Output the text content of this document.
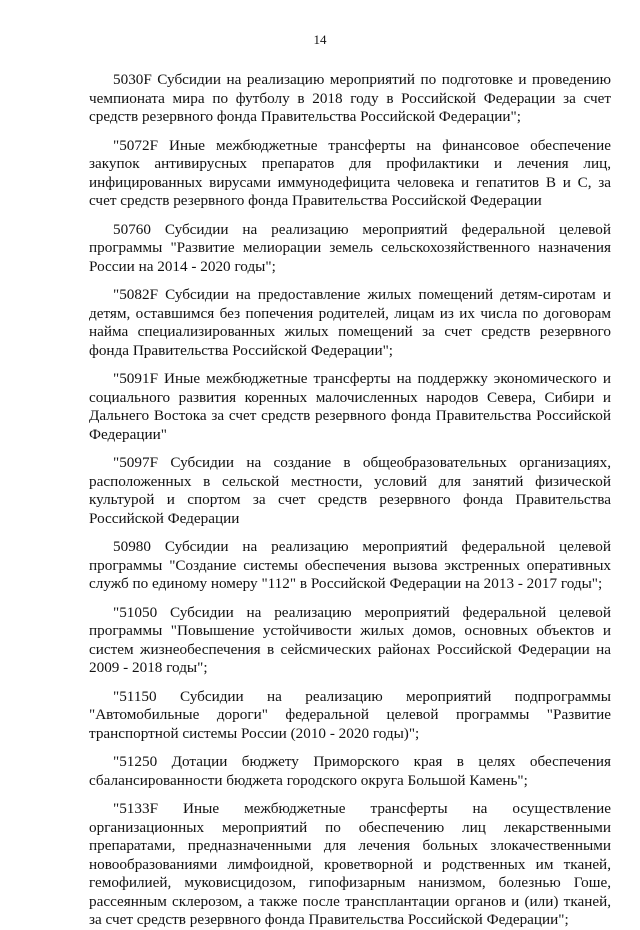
14

5030F Субсидии на реализацию мероприятий по подготовке и проведению чемпионата мира по футболу в 2018 году в Российской Федерации за счет средств резервного фонда Правительства Российской Федерации";

"5072F Иные межбюджетные трансферты на финансовое обеспечение закупок антивирусных препаратов для профилактики и лечения лиц, инфицированных вирусами иммунодефицита человека и гепатитов B и C, за счет средств резервного фонда Правительства Российской Федерации

50760 Субсидии на реализацию мероприятий федеральной целевой программы "Развитие мелиорации земель сельскохозяйственного назначения России на 2014 - 2020 годы";

"5082F Субсидии на предоставление жилых помещений детям-сиротам и детям, оставшимся без попечения родителей, лицам из их числа по договорам найма специализированных жилых помещений за счет средств резервного фонда Правительства Российской Федерации";

"5091F Иные межбюджетные трансферты на поддержку экономического и социального развития коренных малочисленных народов Севера, Сибири и Дальнего Востока за счет средств резервного фонда Правительства Российской Федерации"

"5097F Субсидии на создание в общеобразовательных организациях, расположенных в сельской местности, условий для занятий физической культурой и спортом за счет средств резервного фонда Правительства Российской Федерации

50980 Субсидии на реализацию мероприятий федеральной целевой программы "Создание системы обеспечения вызова экстренных оперативных служб по единому номеру "112" в Российской Федерации на 2013 - 2017 годы";

"51050 Субсидии на реализацию мероприятий федеральной целевой программы "Повышение устойчивости жилых домов, основных объектов и систем жизнеобеспечения в сейсмических районах Российской Федерации на 2009 - 2018 годы";

"51150 Субсидии на реализацию мероприятий подпрограммы "Автомобильные дороги" федеральной целевой программы "Развитие транспортной системы России (2010 - 2020 годы)";

"51250 Дотации бюджету Приморского края в целях обеспечения сбалансированности бюджета городского округа Большой Камень";

"5133F Иные межбюджетные трансферты на осуществление организационных мероприятий по обеспечению лиц лекарственными препаратами, предназначенными для лечения больных злокачественными новообразованиями лимфоидной, кроветворной и родственных им тканей, гемофилией, муковисцидозом, гипофизарным нанизмом, болезнью Гоше, рассеянным склерозом, а также после трансплантации органов и (или) тканей, за счет средств резервного фонда Правительства Российской Федерации";
